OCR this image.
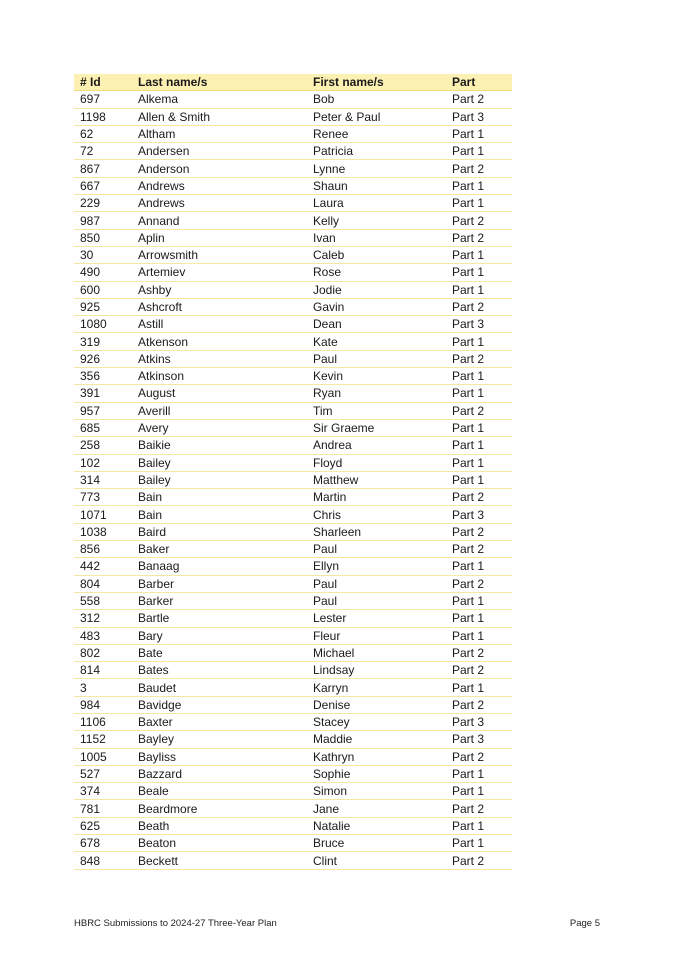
# Id	Last name/s	First name/s	Part
697	Alkema	Bob	Part 2
1198	Allen & Smith	Peter & Paul	Part 3
62	Altham	Renee	Part 1
72	Andersen	Patricia	Part 1
867	Anderson	Lynne	Part 2
667	Andrews	Shaun	Part 1
229	Andrews	Laura	Part 1
987	Annand	Kelly	Part 2
850	Aplin	Ivan	Part 2
30	Arrowsmith	Caleb	Part 1
490	Artemiev	Rose	Part 1
600	Ashby	Jodie	Part 1
925	Ashcroft	Gavin	Part 2
1080	Astill	Dean	Part 3
319	Atkenson	Kate	Part 1
926	Atkins	Paul	Part 2
356	Atkinson	Kevin	Part 1
391	August	Ryan	Part 1
957	Averill	Tim	Part 2
685	Avery	Sir Graeme	Part 1
258	Baikie	Andrea	Part 1
102	Bailey	Floyd	Part 1
314	Bailey	Matthew	Part 1
773	Bain	Martin	Part 2
1071	Bain	Chris	Part 3
1038	Baird	Sharleen	Part 2
856	Baker	Paul	Part 2
442	Banaag	Ellyn	Part 1
804	Barber	Paul	Part 2
558	Barker	Paul	Part 1
312	Bartle	Lester	Part 1
483	Bary	Fleur	Part 1
802	Bate	Michael	Part 2
814	Bates	Lindsay	Part 2
3	Baudet	Karryn	Part 1
984	Bavidge	Denise	Part 2
1106	Baxter	Stacey	Part 3
1152	Bayley	Maddie	Part 3
1005	Bayliss	Kathryn	Part 2
527	Bazzard	Sophie	Part 1
374	Beale	Simon	Part 1
781	Beardmore	Jane	Part 2
625	Beath	Natalie	Part 1
678	Beaton	Bruce	Part 1
848	Beckett	Clint	Part 2
HBRC Submissions to 2024-27 Three-Year Plan	Page 5
